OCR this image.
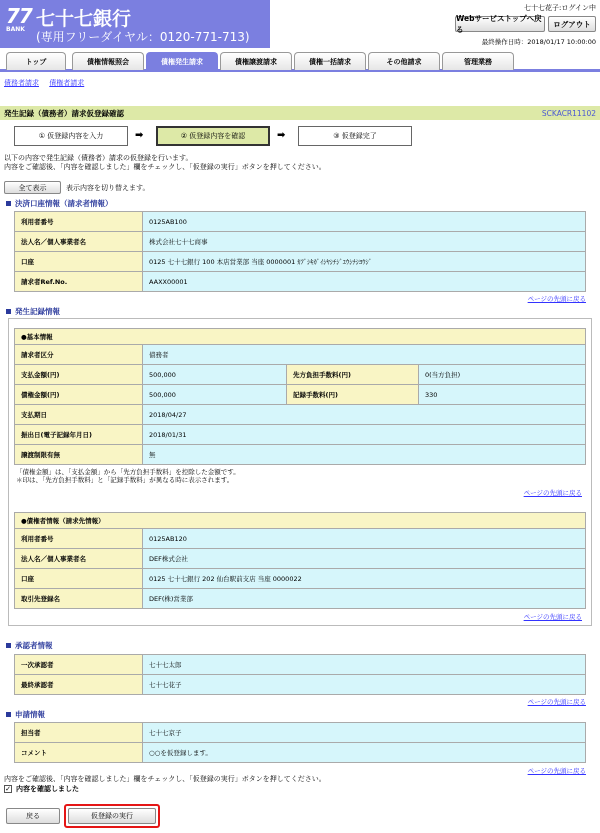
77
BANK 七十七銀行
(専用フリーダイヤル：0120-771-713)
七十七花子:ログイン中
Webサービストップへ戻る
ログアウト
最終操作日時：2018/01/17 10:00:00
トップ	債権情報照会	債権発生請求	債権譲渡請求	債権一括請求	その他請求	管理業務
債務者請求 債権者請求
発生記録（債務者）請求仮登録確認	SCKACR11102
① 仮登録内容を入力	➡	② 仮登録内容を確認	➡	③ 仮登録完了
以下の内容で発生記録（債務者）請求の仮登録を行います。
内容をご確認後、「内容を確認しました」欄をチェックし、「仮登録の実行」ボタンを押してください。
全て表示	表示内容を切り替えます。
決済口座情報（請求者情報）
利用者番号	0125AB100
法人名／個人事業者名	株式会社七十七商事
口座	0125 七十七銀行 100 本店営業部 当座 0000001 ｶﾌﾞｼｷｶﾞｲｼﾔｼﾁｼﾞﾕｳｼﾁｼﾖｳｼﾞ
請求者Ref.No.	AAXX00001
ページの先頭に戻る
発生記録情報
●基本情報			
請求者区分	債務者		
支払金額(円)	500,000	先方負担手数料(円)	0(当方負担)
債権金額(円)	500,000	記録手数料(円)	330
支払期日	2018/04/27		
振出日(電子記録年月日)	2018/01/31		
譲渡制限有無	無		
「債権金額」は、「支払金額」から「先方負担手数料」を控除した金額です。
＊印は、「先方負担手数料」と「記録手数料」が異なる時に表示されます。
ページの先頭に戻る
●債権者情報（請求先情報）	
利用者番号	0125AB120
法人名／個人事業者名	DEF株式会社
口座	0125 七十七銀行 202 仙台駅前支店 当座 0000022
取引先登録名	DEF(株)営業部
ページの先頭に戻る
承認者情報
一次承認者	七十七太郎
最終承認者	七十七花子
ページの先頭に戻る
申請情報
担当者	七十七京子
コメント	○○を仮登録します。
ページの先頭に戻る
内容をご確認後、「内容を確認しました」欄をチェックし、「仮登録の実行」ボタンを押してください。
✓ 内容を確認しました
戻る	仮登録の実行
